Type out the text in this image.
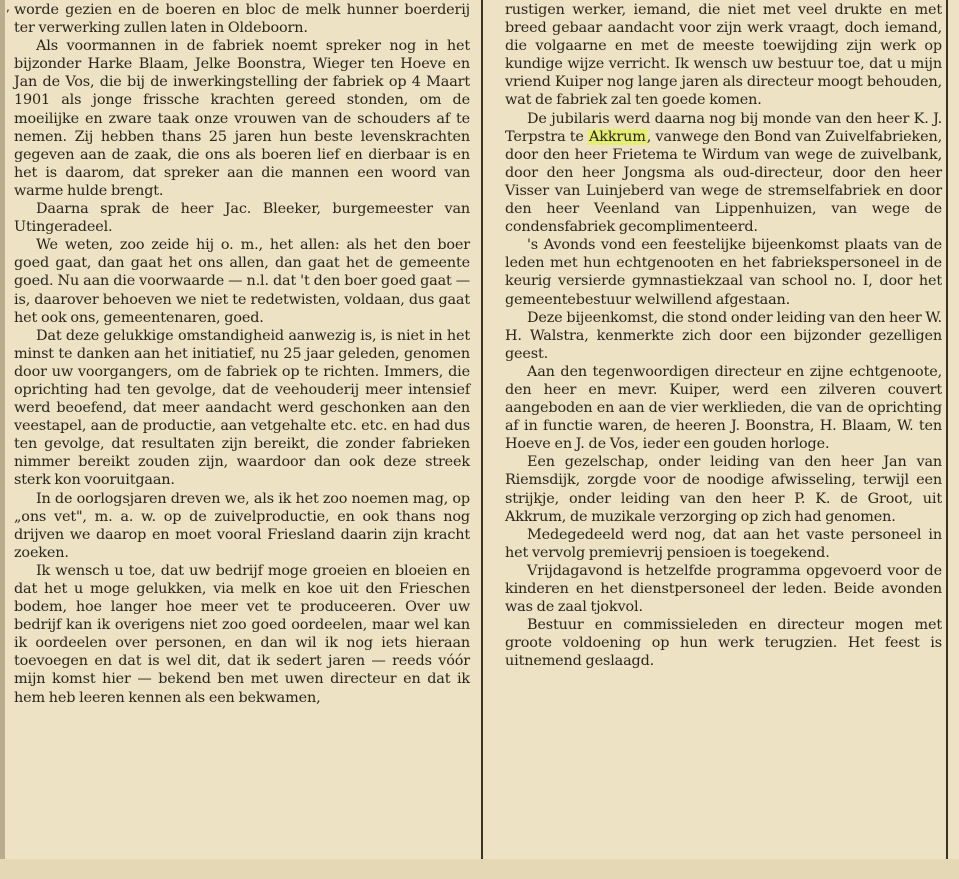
, worde gezien en de boeren en bloc de melk hunner boerderij ter verwerking zullen laten in Oldeboorn.

Als voormannen in de fabriek noemt spreker nog in het bijzonder Harke Blaam, Jelke Boonstra, Wieger ten Hoeve en Jan de Vos, die bij de inwerkingstelling der fabriek op 4 Maart 1901 als jonge frissche krachten gereed stonden, om de moeilijke en zware taak onze vrouwen van de schouders af te nemen. Zij hebben thans 25 jaren hun beste levenskrachten gegeven aan de zaak, die ons als boeren lief en dierbaar is en het is daarom, dat spreker aan die mannen een woord van warme hulde brengt.

Daarna sprak de heer Jac. Bleeker, burgemeester van Utingeradeel.

We weten, zoo zeide hij o. m., het allen: als het den boer goed gaat, dan gaat het ons allen, dan gaat het de gemeente goed. Nu aan die voorwaarde — n.l. dat 't den boer goed gaat — is, daarover behoeven we niet te redetwisten, voldaan, dus gaat het ook ons, gemeentenaren, goed.

Dat deze gelukkige omstandigheid aanwezig is, is niet in het minst te danken aan het initiatief, nu 25 jaar geleden, genomen door uw voorgangers, om de fabriek op te richten. Immers, die oprichting had ten gevolge, dat de veehouderij meer intensief werd beoefend, dat meer aandacht werd geschonken aan den veestapel, aan de productie, aan vetgehalte etc. etc. en had dus ten gevolge, dat resultaten zijn bereikt, die zonder fabrieken nimmer bereikt zouden zijn, waardoor dan ook deze streek sterk kon vooruitgaan.

In de oorlogsjaren dreven we, als ik het zoo noemen mag, op „ons vet", m. a. w. op de zuivelproductie, en ook thans nog drijven we daarop en moet vooral Friesland daarin zijn kracht zoeken.

Ik wensch u toe, dat uw bedrijf moge groeien en bloeien en dat het u moge gelukken, via melk en koe uit den Frieschen bodem, hoe langer hoe meer vet te produceeren. Over uw bedrijf kan ik overigens niet zoo goed oordeelen, maar wel kan ik oordeelen over personen, en dan wil ik nog iets hieraan toevoegen en dat is wel dit, dat ik sedert jaren — reeds vóór mijn komst hier — bekend ben met uwen directeur en dat ik hem heb leeren kennen als een bekwamen,

rustigen werker, iemand, die niet met veel drukte en met breed gebaar aandacht voor zijn werk vraagt, doch iemand, die volgaarne en met de meeste toewijding zijn werk op kundige wijze verricht. Ik wensch uw bestuur toe, dat u mijn vriend Kuiper nog lange jaren als directeur moogt behouden, wat de fabriek zal ten goede komen.

De jubilaris werd daarna nog bij monde van den heer K. J. Terpstra te Akkrum, vanwege den Bond van Zuivelfabrieken, door den heer Frietema te Wirdum van wege de zuivelbank, door den heer Jongsma als oud-directeur, door den heer Visser van Luinjeberd van wege de stremselfabriek en door den heer Veenland van Lippenhuizen, van wege de condensfabriek gecomplimenteerd.

's Avonds vond een feestelijke bijeenkomst plaats van de leden met hun echtgenooten en het fabriekspersoneel in de keurig versierde gymnastiekzaal van school no. I, door het gemeentebestuur welwillend afgestaan.

Deze bijeenkomst, die stond onder leiding van den heer W. H. Walstra, kenmerkte zich door een bijzonder gezelligen geest.

Aan den tegenwoordigen directeur en zijne echtgenoote, den heer en mevr. Kuiper, werd een zilveren couvert aangeboden en aan de vier werklieden, die van de oprichting af in functie waren, de heeren J. Boonstra, H. Blaam, W. ten Hoeve en J. de Vos, ieder een gouden horloge.

Een gezelschap, onder leiding van den heer Jan van Riemsdijk, zorgde voor de noodige afwisseling, terwijl een strijkje, onder leiding van den heer P. K. de Groot, uit Akkrum, de muzikale verzorging op zich had genomen.

Medegedeeld werd nog, dat aan het vaste personeel in het vervolg premievrij pensioen is toegekend.

Vrijdagavond is hetzelfde programma opgevoerd voor de kinderen en het dienstpersoneel der leden. Beide avonden was de zaal tjokvol.

Bestuur en commissieleden en directeur mogen met groote voldoening op hun werk terugzien. Het feest is uitnemend geslaagd.
